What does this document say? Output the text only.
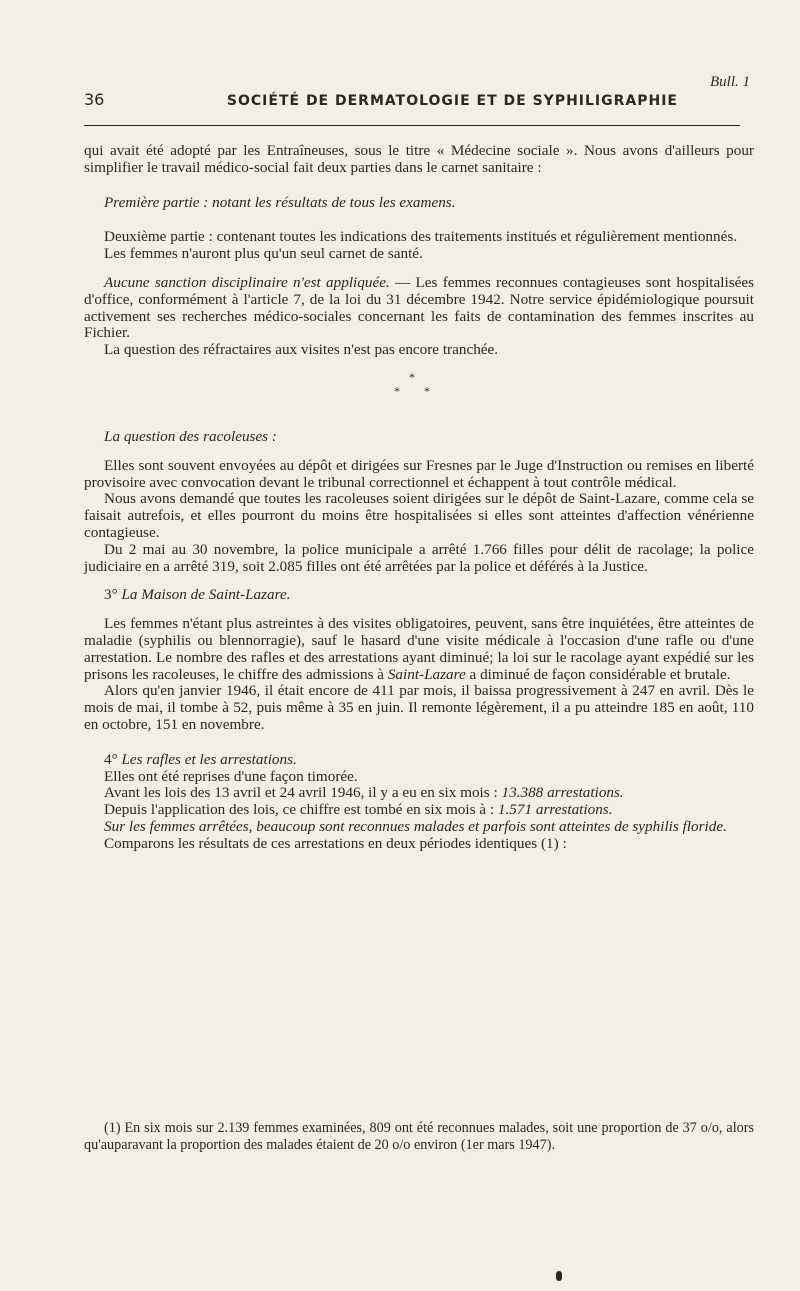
Bull. 1
36	SOCIÉTÉ DE DERMATOLOGIE ET DE SYPHILIGRAPHIE

qui avait été adopté par les Entraîneuses, sous le titre « Médecine sociale ». Nous avons d'ailleurs pour simplifier le travail médico-social fait deux parties dans le carnet sanitaire :

Première partie : notant les résultats de tous les examens.

Deuxième partie : contenant toutes les indications des traitements institués et régulièrement mentionnés.

Les femmes n'auront plus qu'un seul carnet de santé.

Aucune sanction disciplinaire n'est appliquée. — Les femmes reconnues contagieuses sont hospitalisées d'office, conformément à l'article 7, de la loi du 31 décembre 1942. Notre service épidémiologique poursuit activement ses recherches médico-sociales concernant les faits de contamination des femmes inscrites au Fichier.

La question des réfractaires aux visites n'est pas encore tranchée.

*
* *

La question des racoleuses :

Elles sont souvent envoyées au dépôt et dirigées sur Fresnes par le Juge d'Instruction ou remises en liberté provisoire avec convocation devant le tribunal correctionnel et échappent à tout contrôle médical.

Nous avons demandé que toutes les racoleuses soient dirigées sur le dépôt de Saint-Lazare, comme cela se faisait autrefois, et elles pourront du moins être hospitalisées si elles sont atteintes d'affection vénérienne contagieuse.

Du 2 mai au 30 novembre, la police municipale a arrêté 1.766 filles pour délit de racolage; la police judiciaire en a arrêté 319, soit 2.085 filles ont été arrêtées par la police et déférés à la Justice.

3° La Maison de Saint-Lazare.

Les femmes n'étant plus astreintes à des visites obligatoires, peuvent, sans être inquiétées, être atteintes de maladie (syphilis ou blennorragie), sauf le hasard d'une visite médicale à l'occasion d'une rafle ou d'une arrestation. Le nombre des rafles et des arrestations ayant diminué; la loi sur le racolage ayant expédié sur les prisons les racoleuses, le chiffre des admissions à Saint-Lazare a diminué de façon considérable et brutale.

Alors qu'en janvier 1946, il était encore de 411 par mois, il baissa progressivement à 247 en avril. Dès le mois de mai, il tombe à 52, puis même à 35 en juin. Il remonte légèrement, il a pu atteindre 185 en août, 110 en octobre, 151 en novembre.

4° Les rafles et les arrestations.

Elles ont été reprises d'une façon timorée.

Avant les lois des 13 avril et 24 avril 1946, il y a eu en six mois : 13.388 arrestations.

Depuis l'application des lois, ce chiffre est tombé en six mois à : 1.571 arrestations.

Sur les femmes arrêtées, beaucoup sont reconnues malades et parfois sont atteintes de syphilis floride.

Comparons les résultats de ces arrestations en deux périodes identiques (1) :

(1) En six mois sur 2.139 femmes examinées, 809 ont été reconnues malades, soit une proportion de 37 o/o, alors qu'auparavant la proportion des malades étaient de 20 o/o environ (1er mars 1947).
